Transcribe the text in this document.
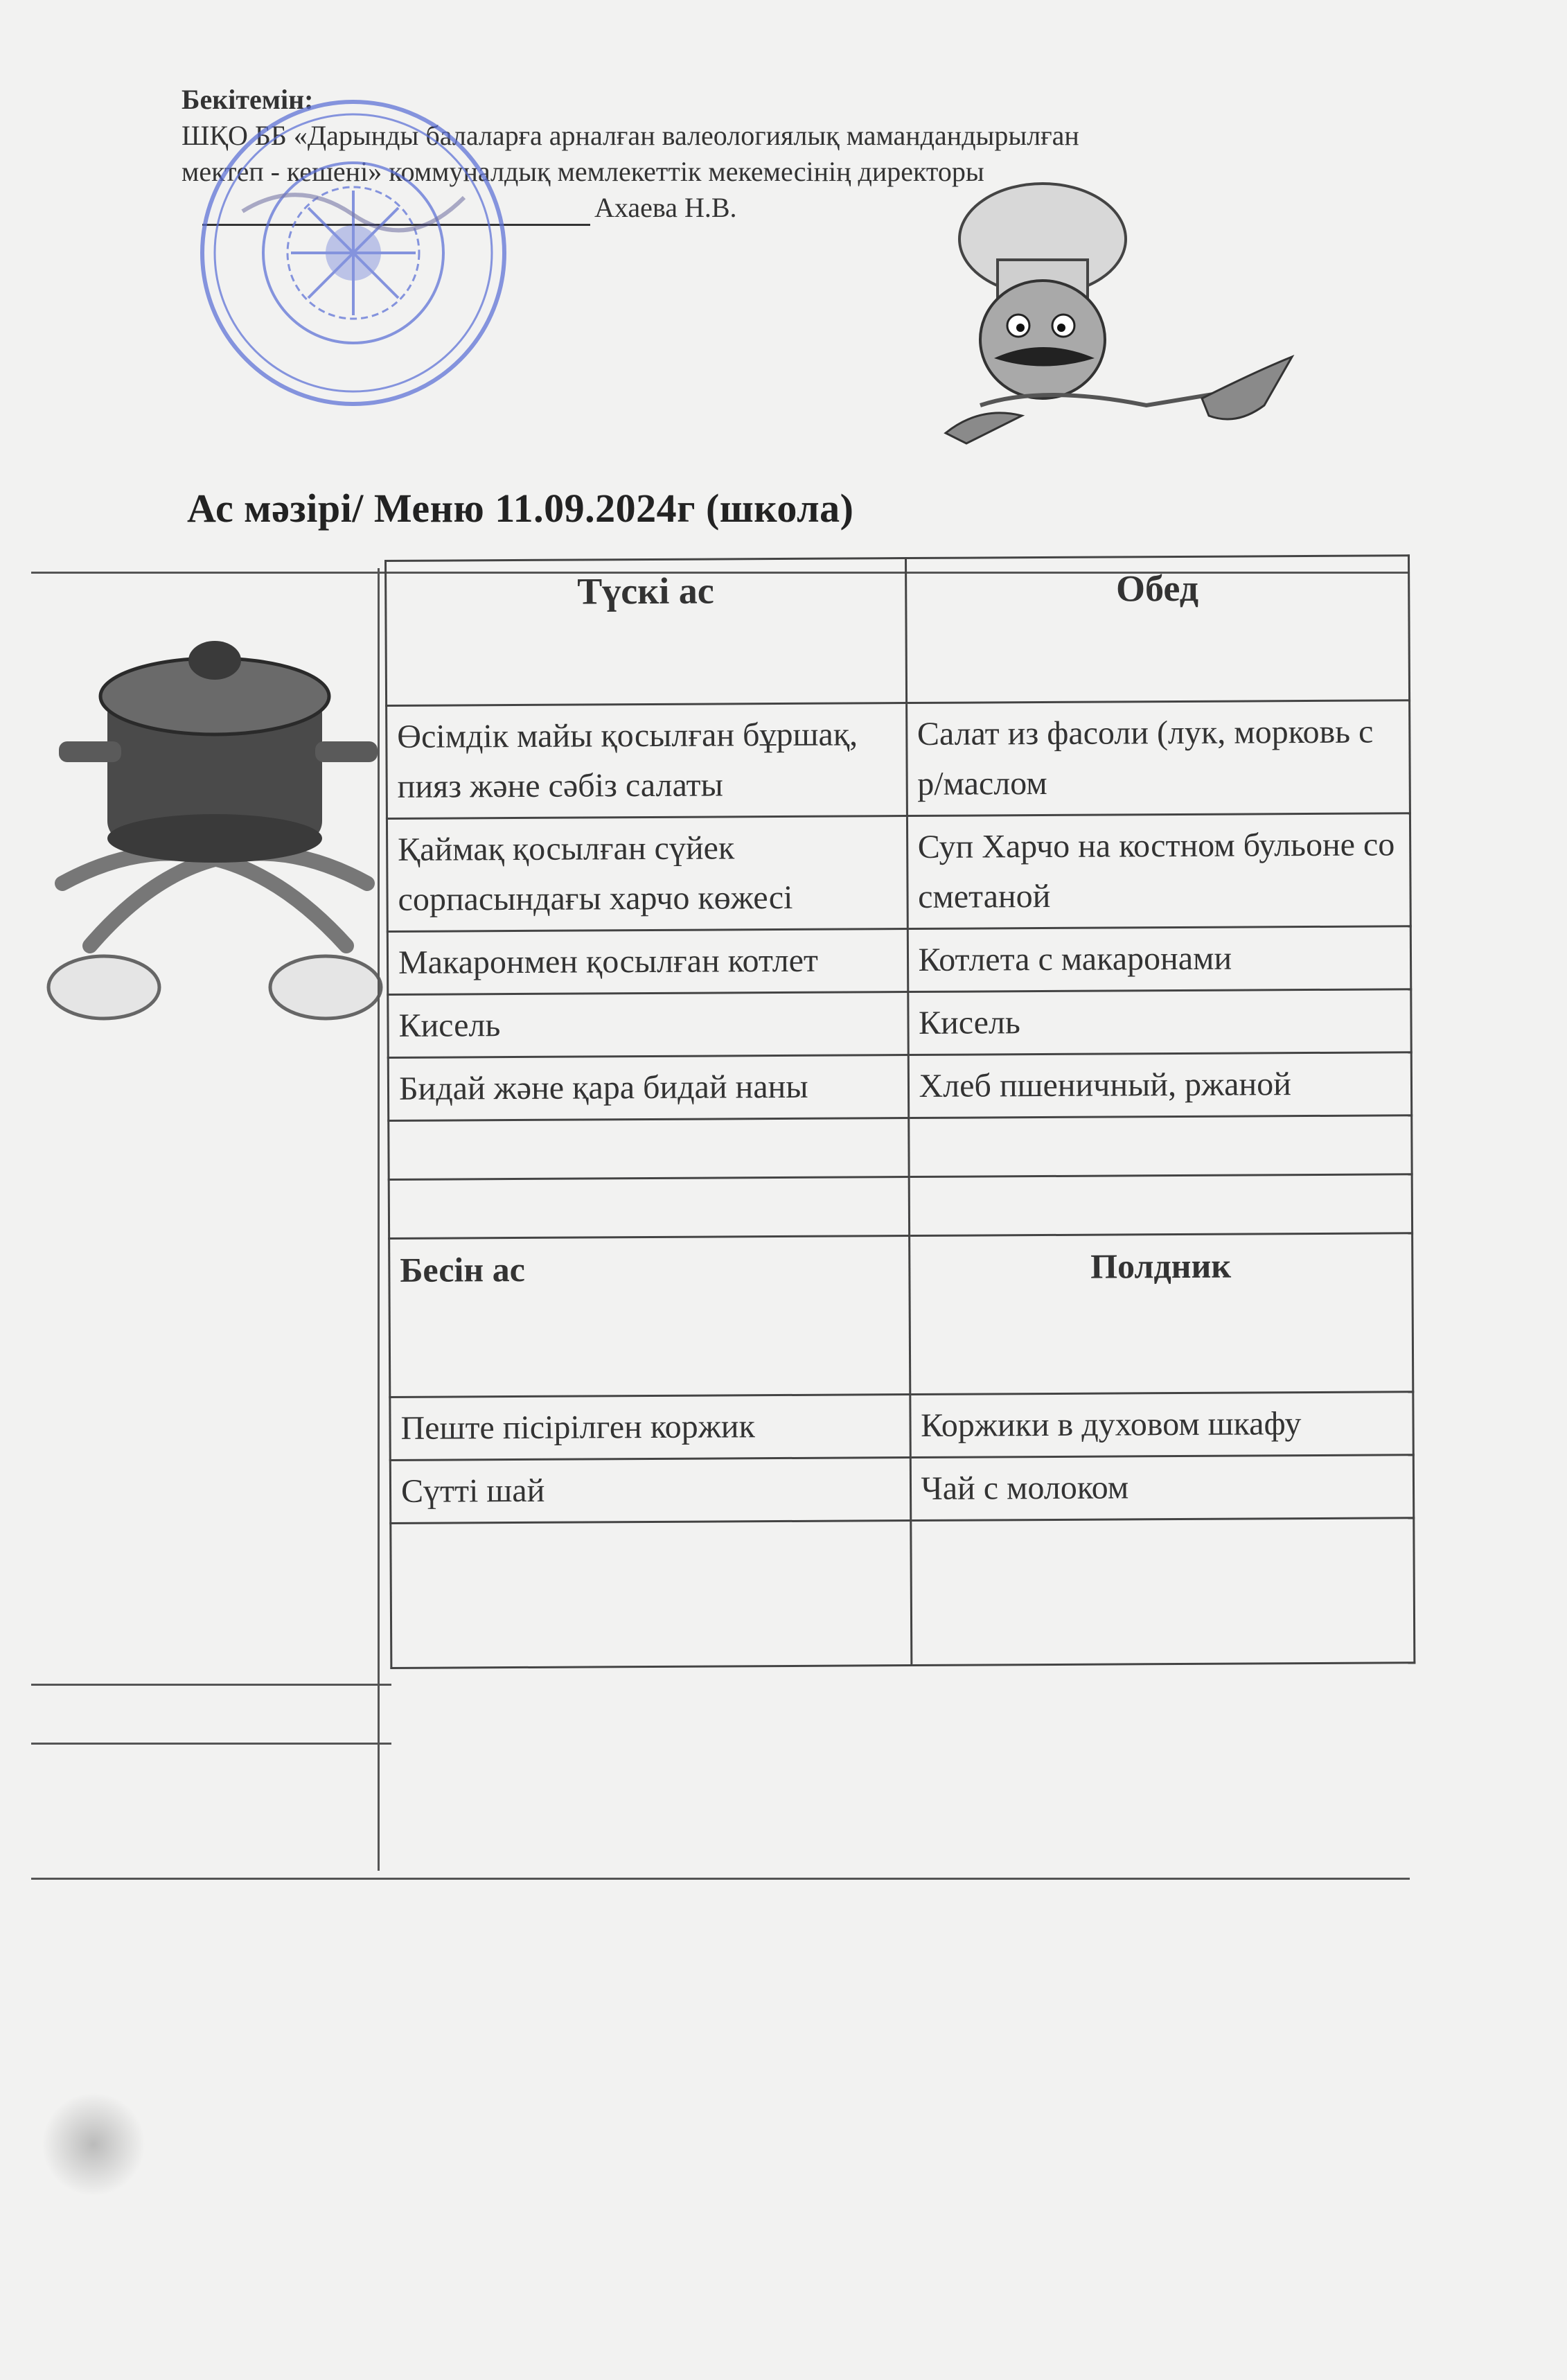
Бекітемін:
ШҚО ББ «Дарынды балаларға арналған валеологиялық мамандандырылған
мектеп - кешені» коммуналдық мемлекеттік мекемесінің директоры
Ахаева Н.В.
Ас мәзірі/ Меню 11.09.2024г (школа)
Түскі ас	Обед
Өсімдік майы қосылған бұршақ, пияз және сәбіз салаты	Салат из фасоли (лук, морковь с р/маслом
Қаймақ қосылған сүйек сорпасындағы харчо көжесі	Суп Харчо на костном бульоне со сметаной
Макаронмен қосылған котлет	Котлета с макаронами
Кисель	Кисель
Бидай және қара бидай наны	Хлеб пшеничный, ржаной

Бесін ас	Полдник
Пеште пісірілген коржик	Коржики в духовом шкафу
Сүтті шай	Чай с молоком
